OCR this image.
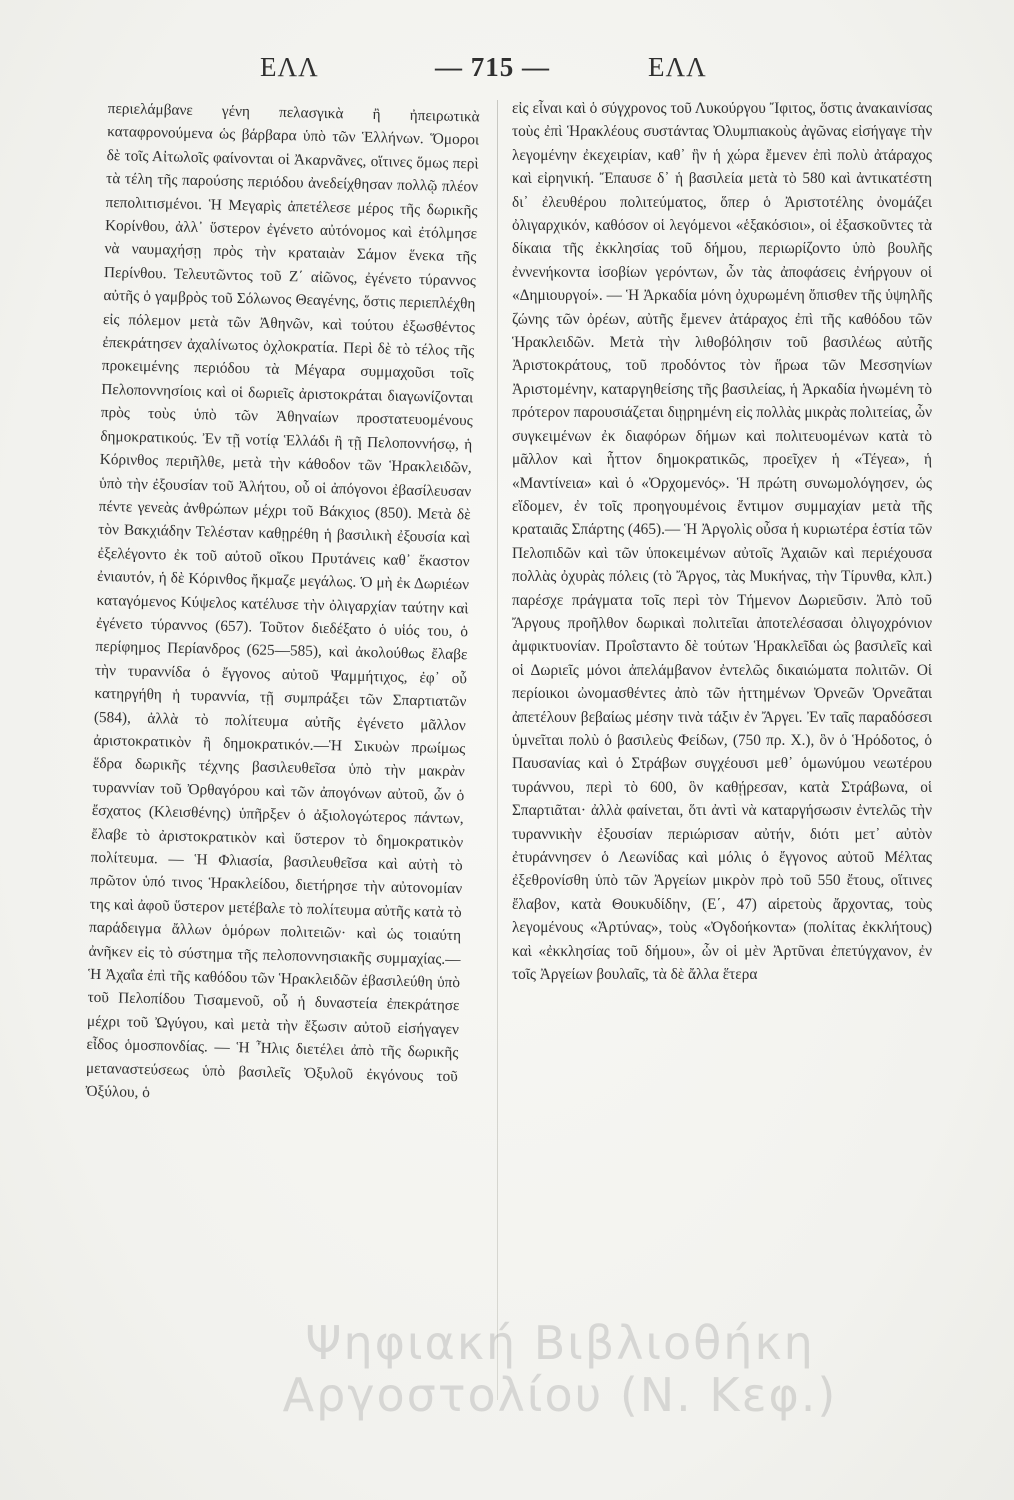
ΕΛΛ	— 715 —	ΕΛΛ

περιελάμβανε γένη πελασγικὰ ἢ ἠπειρωτικὰ καταφρονούμενα ὡς βάρβαρα ὑπὸ τῶν Ἑλλήνων. Ὅμοροι δὲ τοῖς Αἰτωλοῖς φαίνονται οἱ Ἀκαρνᾶνες, οἵτινες ὅμως περὶ τὰ τέλη τῆς παρούσης περιόδου ἀνεδείχθησαν πολλῷ πλέον πεπολιτισμένοι. Ἡ Μεγαρὶς ἀπετέλεσε μέρος τῆς δωρικῆς Κορίνθου, ἀλλ᾽ ὕστερον ἐγένετο αὐτόνομος καὶ ἐτόλμησε νὰ ναυμαχήσῃ πρὸς τὴν κραταιὰν Σάμον ἕνεκα τῆς Περίνθου. Τελευτῶντος τοῦ Ζ΄ αἰῶνος, ἐγένετο τύραννος αὐτῆς ὁ γαμβρὸς τοῦ Σόλωνος Θεαγένης, ὅστις περιεπλέχθη εἰς πόλεμον μετὰ τῶν Ἀθηνῶν, καὶ τούτου ἐξωσθέντος ἐπεκράτησεν ἀχαλίνωτος ὀχλοκρατία. Περὶ δὲ τὸ τέλος τῆς προκειμένης περιόδου τὰ Μέγαρα συμμαχοῦσι τοῖς Πελοποννησίοις καὶ οἱ δωριεῖς ἀριστοκράται διαγωνίζονται πρὸς τοὺς ὑπὸ τῶν Ἀθηναίων προστατευομένους δημοκρατικούς. Ἐν τῇ νοτίᾳ Ἑλλάδι ἢ τῇ Πελοποννήσῳ, ἡ Κόρινθος περιῆλθε, μετὰ τὴν κάθοδον τῶν Ἡρακλειδῶν, ὑπὸ τὴν ἐξουσίαν τοῦ Ἀλήτου, οὗ οἱ ἀπόγονοι ἐβασίλευσαν πέντε γενεὰς ἀνθρώπων μέχρι τοῦ Βάκχιος (850). Μετὰ δὲ τὸν Βακχιάδην Τελέσταν καθῃρέθη ἡ βασιλικὴ ἐξουσία καὶ ἐξελέγοντο ἐκ τοῦ αὐτοῦ οἴκου Πρυτάνεις καθ᾽ ἕκαστον ἐνιαυτόν, ἡ δὲ Κόρινθος ἤκμαζε μεγάλως. Ὁ μὴ ἐκ Δωριέων καταγόμενος Κύψελος κατέλυσε τὴν ὀλιγαρχίαν ταύτην καὶ ἐγένετο τύραννος (657). Τοῦτον διεδέξατο ὁ υἱός του, ὁ περίφημος Περίανδρος (625—585), καὶ ἀκολούθως ἔλαβε τὴν τυραννίδα ὁ ἔγγονος αὐτοῦ Ψαμμήτιχος, ἐφ᾽ οὗ κατηργήθη ἡ τυραννία, τῇ συμπράξει τῶν Σπαρτιατῶν (584), ἀλλὰ τὸ πολίτευμα αὐτῆς ἐγένετο μᾶλλον ἀριστοκρατικὸν ἢ δημοκρατικόν.—Ἡ Σικυὼν πρωίμως ἕδρα δωρικῆς τέχνης βασιλευθεῖσα ὑπὸ τὴν μακρὰν τυραννίαν τοῦ Ὀρθαγόρου καὶ τῶν ἀπογόνων αὐτοῦ, ὧν ὁ ἔσχατος (Κλεισθένης) ὑπῆρξεν ὁ ἀξιολογώτερος πάντων, ἔλαβε τὸ ἀριστοκρατικὸν καὶ ὕστερον τὸ δημοκρατικὸν πολίτευμα. — Ἡ Φλιασία, βασιλευθεῖσα καὶ αὐτὴ τὸ πρῶτον ὑπό τινος Ἡρακλείδου, διετήρησε τὴν αὐτονομίαν της καὶ ἀφοῦ ὕστερον μετέβαλε τὸ πολίτευμα αὐτῆς κατὰ τὸ παράδειγμα ἄλλων ὁμόρων πολιτειῶν· καὶ ὡς τοιαύτη ἀνῆκεν εἰς τὸ σύστημα τῆς πελοποννησιακῆς συμμαχίας.— Ἡ Ἀχαΐα ἐπὶ τῆς καθόδου τῶν Ἡρακλειδῶν ἐβασιλεύθη ὑπὸ τοῦ Πελοπίδου Τισαμενοῦ, οὗ ἡ δυναστεία ἐπεκράτησε μέχρι τοῦ Ὠγύγου, καὶ μετὰ τὴν ἔξωσιν αὐτοῦ εἰσήγαγεν εἶδος ὁμοσπονδίας. — Ἡ Ἦλις διετέλει ἀπὸ τῆς δωρικῆς μεταναστεύσεως ὑπὸ βασιλεῖς Ὀξυλοῦ ἐκγόνους τοῦ Ὀξύλου, ὁ

εἰς εἶναι καὶ ὁ σύγχρονος τοῦ Λυκούργου Ἴφιτος, ὅστις ἀνακαινίσας τοὺς ἐπὶ Ἡρακλέους συστάντας Ὀλυμπιακοὺς ἀγῶνας εἰσήγαγε τὴν λεγομένην ἐκεχειρίαν, καθ᾽ ἣν ἡ χώρα ἔμενεν ἐπὶ πολὺ ἀτάραχος καὶ εἰρηνική. Ἔπαυσε δ᾽ ἡ βασιλεία μετὰ τὸ 580 καὶ ἀντικατέστη δι᾽ ἐλευθέρου πολιτεύματος, ὅπερ ὁ Ἀριστοτέλης ὀνομάζει ὀλιγαρχικόν, καθόσον οἱ λεγόμενοι «ἑξακόσιοι», οἱ ἐξασκοῦντες τὰ δίκαια τῆς ἐκκλησίας τοῦ δήμου, περιωρίζοντο ὑπὸ βουλῆς ἐννενήκοντα ἰσοβίων γερόντων, ὧν τὰς ἀποφάσεις ἐνήργουν οἱ «Δημιουργοί». — Ἡ Ἀρκαδία μόνη ὀχυρωμένη ὄπισθεν τῆς ὑψηλῆς ζώνης τῶν ὀρέων, αὐτῆς ἔμενεν ἀτάραχος ἐπὶ τῆς καθόδου τῶν Ἡρακλειδῶν. Μετὰ τὴν λιθοβόλησιν τοῦ βασιλέως αὐτῆς Ἀριστοκράτους, τοῦ προδόντος τὸν ἥρωα τῶν Μεσσηνίων Ἀριστομένην, καταργηθείσης τῆς βασιλείας, ἡ Ἀρκαδία ἡνωμένη τὸ πρότερον παρουσιάζεται διῃρημένη εἰς πολλὰς μικρὰς πολιτείας, ὧν συγκειμένων ἐκ διαφόρων δήμων καὶ πολιτευομένων κατὰ τὸ μᾶλλον καὶ ἧττον δημοκρατικῶς, προεῖχεν ἡ «Τέγεα», ἡ «Μαντίνεια» καὶ ὁ «Ὀρχομενός». Ἡ πρώτη συνωμολόγησεν, ὡς εἴδομεν, ἐν τοῖς προηγουμένοις ἔντιμον συμμαχίαν μετὰ τῆς κραταιᾶς Σπάρτης (465).— Ἡ Ἀργολὶς οὖσα ἡ κυριωτέρα ἑστία τῶν Πελοπιδῶν καὶ τῶν ὑποκειμένων αὐτοῖς Ἀχαιῶν καὶ περιέχουσα πολλὰς ὀχυρὰς πόλεις (τὸ Ἄργος, τὰς Μυκήνας, τὴν Τίρυνθα, κλπ.) παρέσχε πράγματα τοῖς περὶ τὸν Τήμενον Δωριεῦσιν. Ἀπὸ τοῦ Ἄργους προῆλθον δωρικαὶ πολιτεῖαι ἀποτελέσασαι ὀλιγοχρόνιον ἀμφικτυονίαν. Προΐσταντο δὲ τούτων Ἡρακλεῖδαι ὡς βασιλεῖς καὶ οἱ Δωριεῖς μόνοι ἀπελάμβανον ἐντελῶς δικαιώματα πολιτῶν. Οἱ περίοικοι ὠνομασθέντες ἀπὸ τῶν ἡττημένων Ὀρνεῶν Ὀρνεᾶται ἀπετέλουν βεβαίως μέσην τινὰ τάξιν ἐν Ἄργει. Ἐν ταῖς παραδόσεσι ὑμνεῖται πολὺ ὁ βασιλεὺς Φείδων, (750 πρ. Χ.), ὃν ὁ Ἡρόδοτος, ὁ Παυσανίας καὶ ὁ Στράβων συγχέουσι μεθ᾽ ὁμωνύμου νεωτέρου τυράννου, περὶ τὸ 600, ὃν καθῄρεσαν, κατὰ Στράβωνα, οἱ Σπαρτιᾶται· ἀλλὰ φαίνεται, ὅτι ἀντὶ νὰ καταργήσωσιν ἐντελῶς τὴν τυραννικὴν ἐξουσίαν περιώρισαν αὐτήν, διότι μετ᾽ αὐτὸν ἐτυράννησεν ὁ Λεωνίδας καὶ μόλις ὁ ἔγγονος αὐτοῦ Μέλτας ἐξεθρονίσθη ὑπὸ τῶν Ἀργείων μικρὸν πρὸ τοῦ 550 ἔτους, οἵτινες ἔλαβον, κατὰ Θουκυδίδην, (Ε΄, 47) αἱρετοὺς ἄρχοντας, τοὺς λεγομένους «Ἀρτύνας», τοὺς «Ὀγδοήκοντα» (πολίτας ἐκκλήτους) καὶ «ἐκκλησίας τοῦ δήμου», ὧν οἱ μὲν Ἀρτῦναι ἐπετύγχανον, ἐν τοῖς Ἀργείων βουλαῖς, τὰ δὲ ἄλλα ἕτερα

Ψηφιακή Βιβλιοθήκη
Αργοστολίου (Ν. Κεφ.)
